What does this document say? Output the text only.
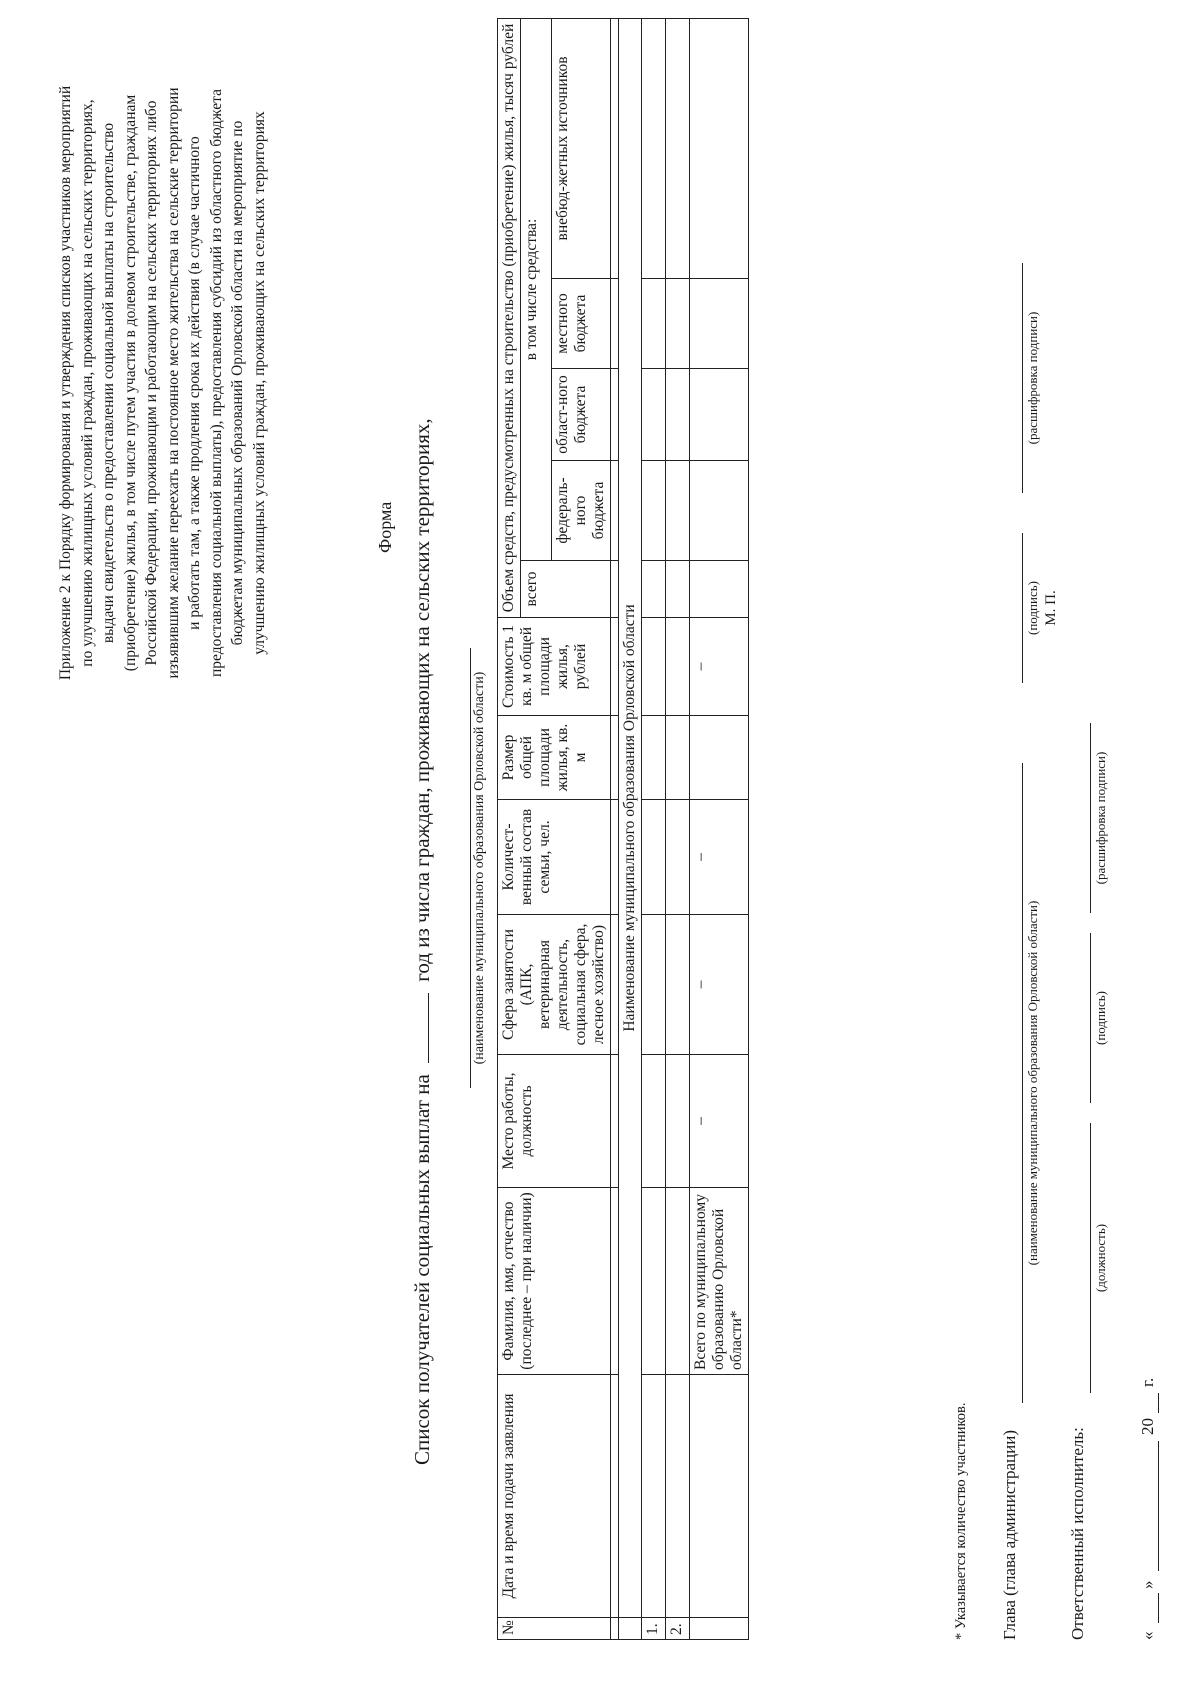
Приложение 2 к Порядку формирования и утверждения списков участников мероприятий по улучшению жилищных условий граждан, проживающих на сельских территориях, выдачи свидетельств о предоставлении социальной выплаты на строительство (приобретение) жилья, в том числе путем участия в долевом строительстве, гражданам Российской Федерации, проживающим и работающим на сельских территориях либо изъявившим желание переехать на постоянное место жительства на сельские территории и работать там, а также продления срока их действия (в случае частичного предоставления социальной выплаты), предоставления субсидий из областного бюджета бюджетам муниципальных образований Орловской области на мероприятие по улучшению жилищных условий граждан, проживающих на сельских территориях	Форма
Список получателей социальных выплат на  год из числа граждан, проживающих на сельских территориях,	(наименование муниципального образования Орловской области)
№	Дата и время подачи заявления	Фамилия, имя, отчество (последнее – при наличии)	Место работы, должность	Сфера занятости (АПК, ветеринарная деятельность, социальная сфера, лесное хозяйство)	Количест-венный состав семьи, чел.	Размер общей площади жилья, кв. м	Стоимость 1 кв. м общей площади жилья, рублей	Объем средств, предусмотренных на строительство (приобретение) жилья, тысяч рублей				
								всего	в том числе средства:			
									федераль-ного бюджета	област-ного бюджета	местного бюджета	внебюд-жетных источников

	Наименование муниципального образования Орловской области											
1.												
2.												
		Всего по муниципальному образованию Орловской области*	–	–	–		–					
* Указывается количество участников. Глава (глава администрации)
(наименование муниципального образования Орловской области)
(подпись) М. П.
(расшифровка подписи)
Ответственный исполнитель:
(должность)
(подпись)
(расшифровка подписи)
«
»
20
г.
